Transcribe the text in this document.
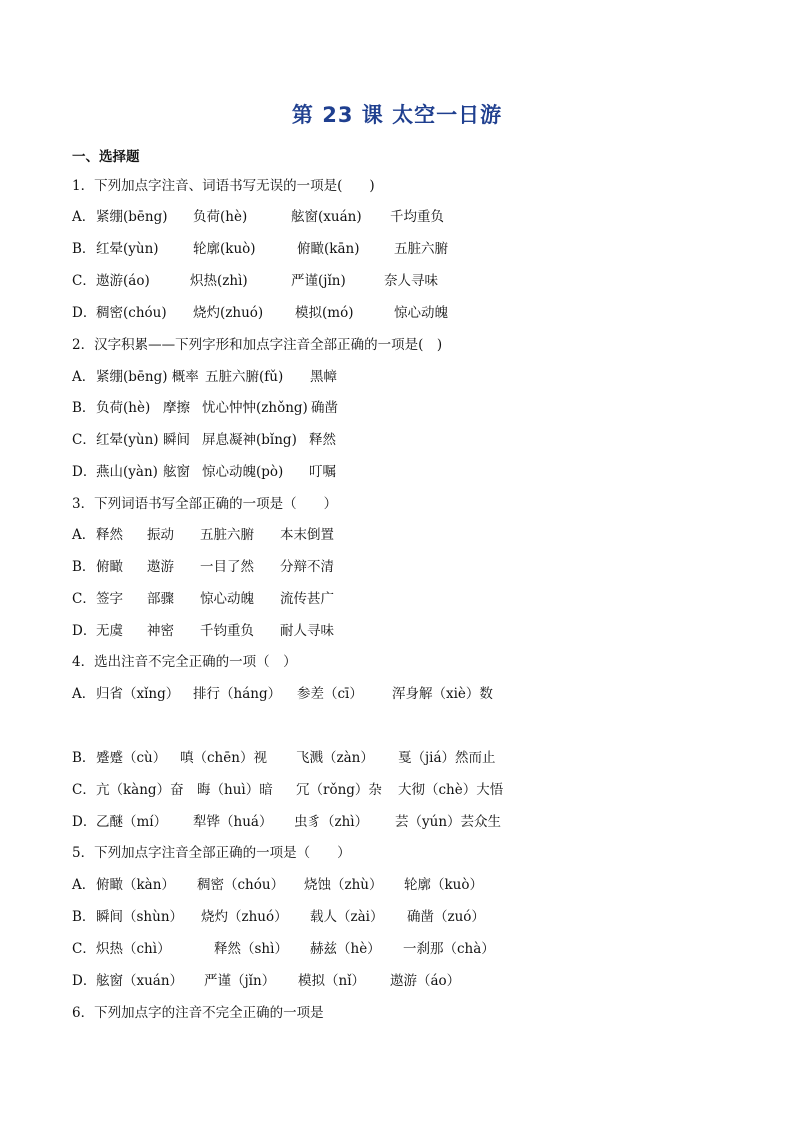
第 23 课 太空一日游
一、选择题
1．下列加点字注音、词语书写无误的一项是(　　)
A． 紧绷(bēng) 负荷(hè)	舷窗(xuán) 千均重负
B． 红晕(yùn)	轮廓(kuò)	俯瞰(kān)	五脏六腑
C． 遨游(áo)	炽热(zhì)	严谨(jǐn)	奈人寻味
D． 稠密(chóu) 烧灼(zhuó) 模拟(mó)	惊心动魄
2．汉字积累——下列字形和加点字注音全部正确的一项是(　)
A． 紧绷(bēng) 概率 五脏六腑(fǔ) 黑幛
B． 负荷(hè) 摩擦 忧心忡忡(zhǒng) 确凿
C． 红晕(yùn) 瞬间 屏息凝神(bǐng) 释然
D． 燕山(yàn) 舷窗 惊心动魄(pò) 叮嘱
3．下列词语书写全部正确的一项是（　　）
A． 释然 振动 五脏六腑 本末倒置
B． 俯瞰 遨游 一目了然 分辩不清
C． 签字 部骤 惊心动魄 流传甚广
D． 无虞 神密 千钧重负 耐人寻味
4．选出注音不完全正确的一项（　）
A． 归省（xǐng） 排行（háng） 参差（cī） 浑身解（xiè）数
B． 蹙蹙（cù） 嗔（chēn）视 飞溅（zàn） 戛（jiá）然而止
C． 亢（kàng）奋 晦（huì）暗 冗（rǒng）杂 大彻（chè）大悟
D． 乙醚（mí） 犁铧（huá） 虫豸（zhì） 芸（yún）芸众生
5．下列加点字注音全部正确的一项是（　　）
A． 俯瞰（kàn） 稠密（chóu） 烧蚀（zhù） 轮廓（kuò）
B． 瞬间（shùn） 烧灼（zhuó） 载人（zài） 确凿（zuó）
C． 炽热（chì）	释然（shì） 赫兹（hè） 一刹那（chà）
D． 舷窗（xuán） 严谨（jǐn） 模拟（nǐ） 遨游（áo）
6．下列加点字的注音不完全正确的一项是
